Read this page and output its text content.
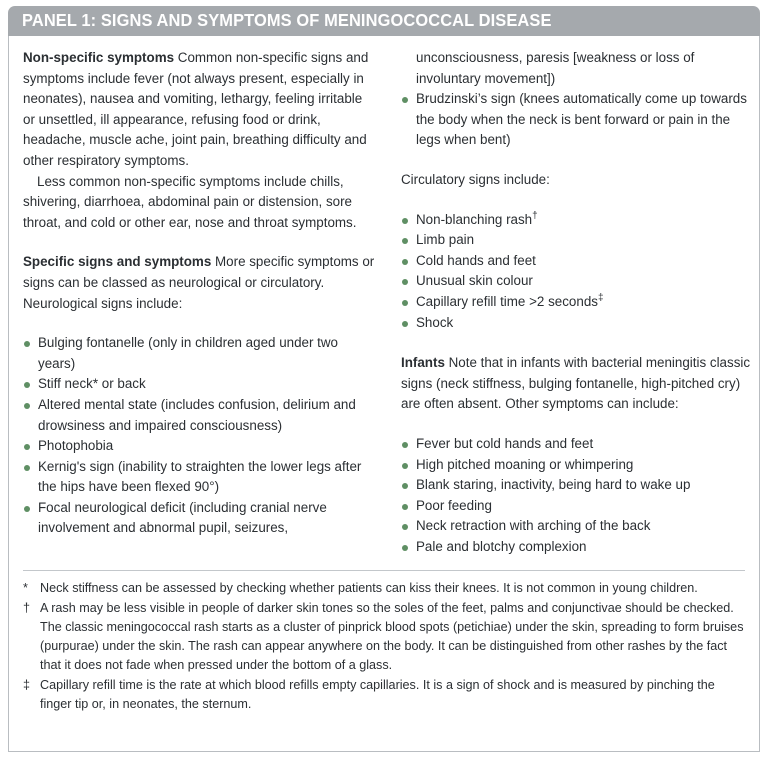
PANEL 1: SIGNS AND SYMPTOMS OF MENINGOCOCCAL DISEASE

Non-specific symptoms Common non-specific signs and symptoms include fever (not always present, especially in neonates), nausea and vomiting, lethargy, feeling irritable or unsettled, ill appearance, refusing food or drink, headache, muscle ache, joint pain, breathing difficulty and other respiratory symptoms.

Less common non-specific symptoms include chills, shivering, diarrhoea, abdominal pain or distension, sore throat, and cold or other ear, nose and throat symptoms.

Specific signs and symptoms More specific symptoms or signs can be classed as neurological or circulatory. Neurological signs include:

Bulging fontanelle (only in children aged under two years)
Stiff neck* or back
Altered mental state (includes confusion, delirium and drowsiness and impaired consciousness)
Photophobia
Kernig's sign (inability to straighten the lower legs after the hips have been flexed 90°)
Focal neurological deficit (including cranial nerve involvement and abnormal pupil, seizures,

unconsciousness, paresis [weakness or loss of involuntary movement])

Brudzinski’s sign (knees automatically come up towards the body when the neck is bent forward or pain in the legs when bent)

Circulatory signs include:

Non-blanching rash†
Limb pain
Cold hands and feet
Unusual skin colour
Capillary refill time >2 seconds‡
Shock

Infants Note that in infants with bacterial meningitis classic signs (neck stiffness, bulging fontanelle, high-pitched cry) are often absent. Other symptoms can include:

Fever but cold hands and feet
High pitched moaning or whimpering
Blank staring, inactivity, being hard to wake up
Poor feeding
Neck retraction with arching of the back
Pale and blotchy complexion
* Neck stiffness can be assessed by checking whether patients can kiss their knees. It is not common in young children.
† A rash may be less visible in people of darker skin tones so the soles of the feet, palms and conjunctivae should be checked. The classic meningococcal rash starts as a cluster of pinprick blood spots (petichiae) under the skin, spreading to form bruises (purpurae) under the skin. The rash can appear anywhere on the body. It can be distinguished from other rashes by the fact that it does not fade when pressed under the bottom of a glass.
‡ Capillary refill time is the rate at which blood refills empty capillaries. It is a sign of shock and is measured by pinching the finger tip or, in neonates, the sternum.
